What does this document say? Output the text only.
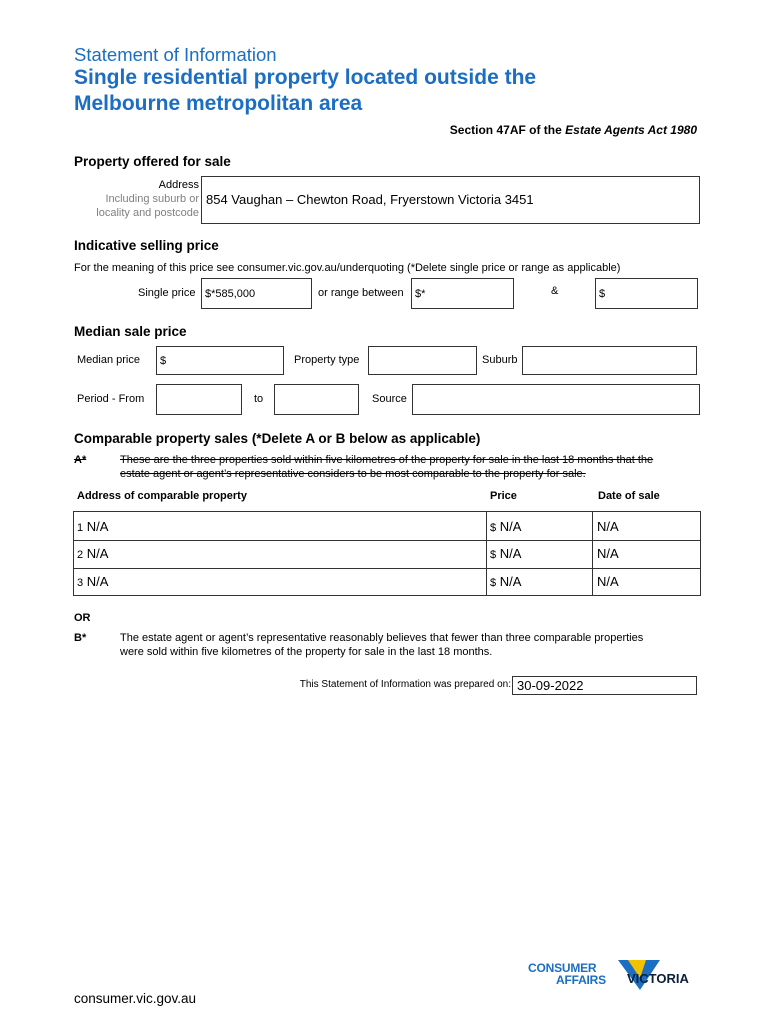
Statement of Information
Single residential property located outside the
Melbourne metropolitan area
Section 47AF of the Estate Agents Act 1980
Property offered for sale
Address
Including suburb or
locality and postcode
854 Vaughan – Chewton Road, Fryerstown Victoria 3451
Indicative selling price
For the meaning of this price see consumer.vic.gov.au/underquoting (*Delete single price or range as applicable)
Single price $*585,000	or range between $*	&	$
Median sale price
Median price $	Property type	Suburb
Period - From	to	Source
Comparable property sales (*Delete A or B below as applicable)
A*	These are the three properties sold within five kilometres of the property for sale in the last 18 months that the
estate agent or agent’s representative considers to be most comparable to the property for sale.
Address of comparable property	Price	Date of sale
1 N/A	$ N/A	N/A
2 N/A	$ N/A	N/A
3 N/A	$ N/A	N/A
OR
B*	The estate agent or agent’s representative reasonably believes that fewer than three comparable properties
were sold within five kilometres of the property for sale in the last 18 months.
This Statement of Information was prepared on: 30-09-2022
consumer.vic.gov.au
CONSUMER
AFFAIRS VICTORIA
